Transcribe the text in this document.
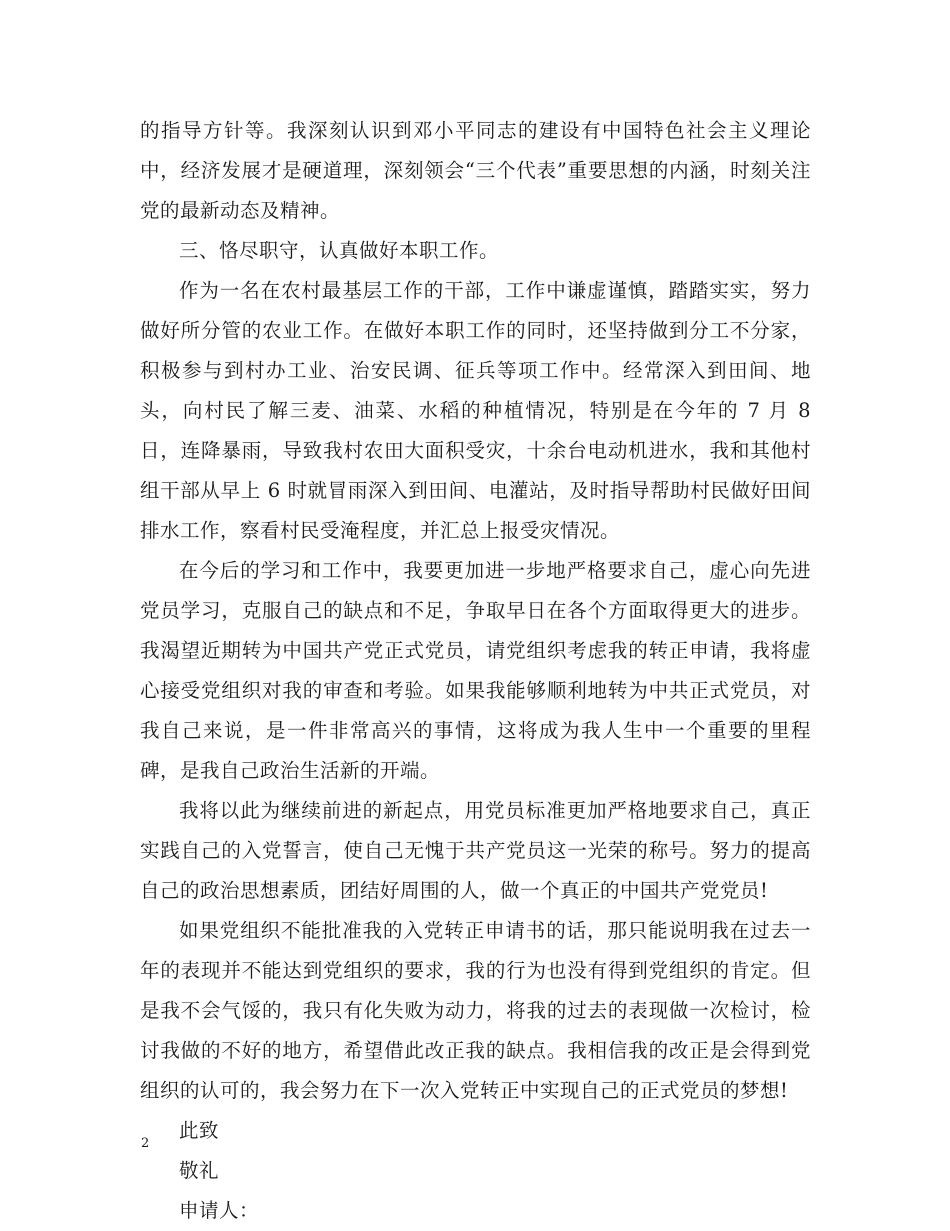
的指导方针等。我深刻认识到邓小平同志的建设有中国特色社会主义理论中，经济发展才是硬道理，深刻领会“三个代表”重要思想的内涵，时刻关注党的最新动态及精神。

三、恪尽职守，认真做好本职工作。

作为一名在农村最基层工作的干部，工作中谦虚谨慎，踏踏实实，努力做好所分管的农业工作。在做好本职工作的同时，还坚持做到分工不分家，积极参与到村办工业、治安民调、征兵等项工作中。经常深入到田间、地头，向村民了解三麦、油菜、水稻的种植情况，特别是在今年的 7 月 8 日，连降暴雨，导致我村农田大面积受灾，十余台电动机进水，我和其他村组干部从早上 6 时就冒雨深入到田间、电灌站，及时指导帮助村民做好田间排水工作，察看村民受淹程度，并汇总上报受灾情况。

在今后的学习和工作中，我要更加进一步地严格要求自己，虚心向先进党员学习，克服自己的缺点和不足，争取早日在各个方面取得更大的进步。我渴望近期转为中国共产党正式党员，请党组织考虑我的转正申请，我将虚心接受党组织对我的审查和考验。如果我能够顺利地转为中共正式党员，对我自己来说，是一件非常高兴的事情，这将成为我人生中一个重要的里程碑，是我自己政治生活新的开端。

我将以此为继续前进的新起点，用党员标准更加严格地要求自己，真正实践自己的入党誓言，使自己无愧于共产党员这一光荣的称号。努力的提高自己的政治思想素质，团结好周围的人，做一个真正的中国共产党党员!

如果党组织不能批准我的入党转正申请书的话，那只能说明我在过去一年的表现并不能达到党组织的要求，我的行为也没有得到党组织的肯定。但是我不会气馁的，我只有化失败为动力，将我的过去的表现做一次检讨，检讨我做的不好的地方，希望借此改正我的缺点。我相信我的改正是会得到党组织的认可的，我会努力在下一次入党转正中实现自己的正式党员的梦想!

此致

敬礼

申请人：

2
